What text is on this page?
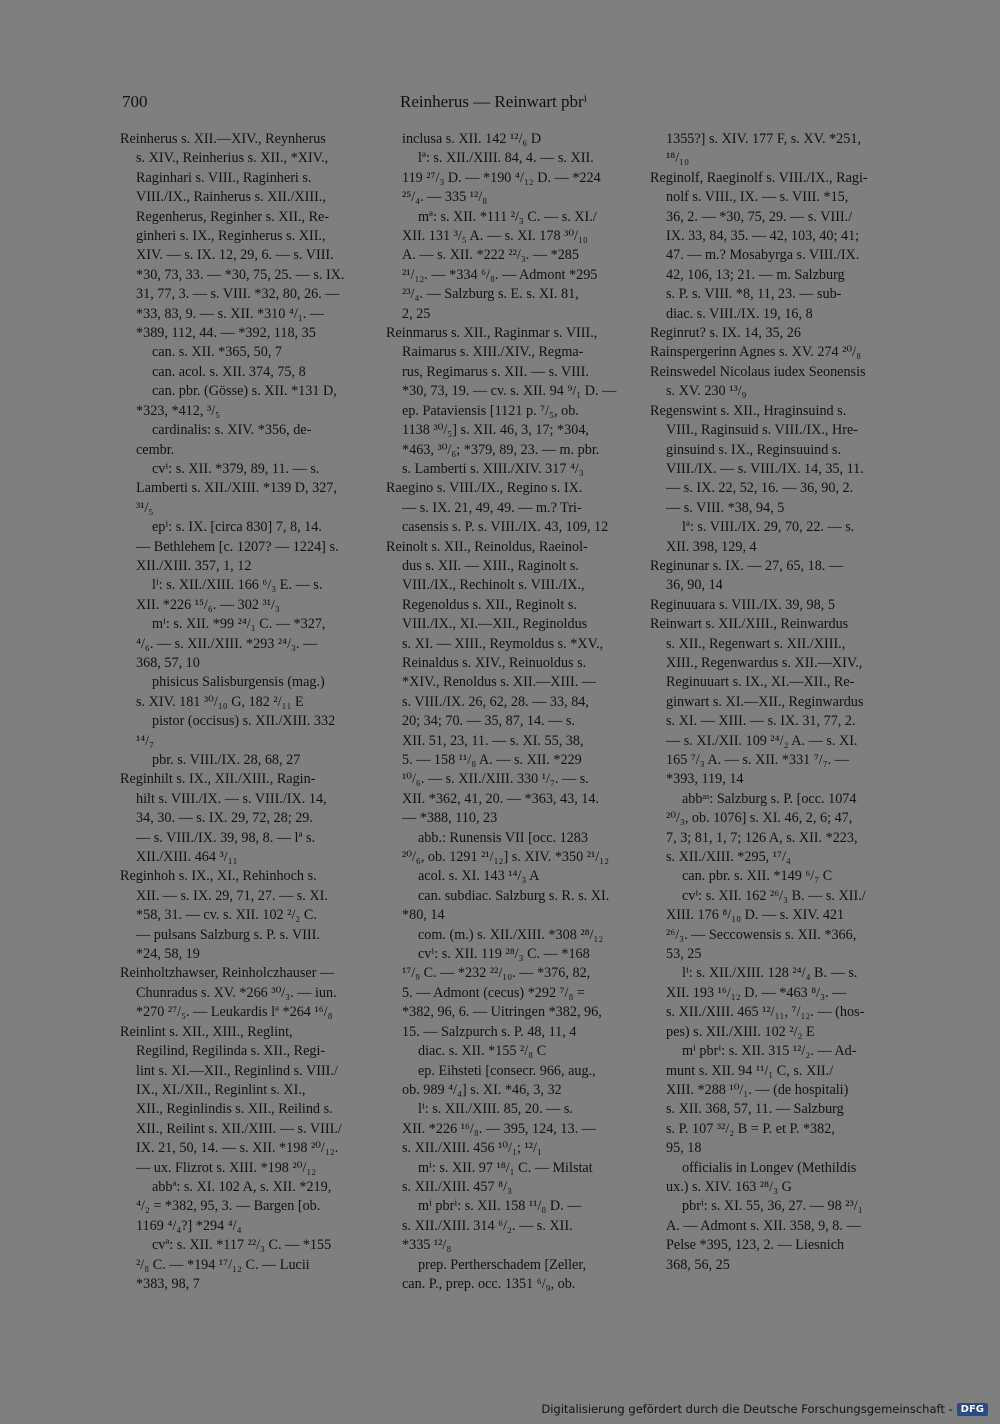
700	Reinherus — Reinwart pbrⁱ
Reinherus s. XII.—XIV., Reynherus
s. XIV., Reinherius s. XII., *XIV.,
Raginhari s. VIII., Raginheri s.
VIII./IX., Rainherus s. XII./XIII.,
Regenherus, Reginher s. XII., Re-
ginheri s. IX., Reginherus s. XII.,
XIV. — s. IX. 12, 29, 6. — s. VIII.
*30, 73, 33. — *30, 75, 25. — s. IX.
31, 77, 3. — s. VIII. *32, 80, 26. —
*33, 83, 9. — s. XII. *310 ⁴/₁. —
*389, 112, 44. — *392, 118, 35
can. s. XII. *365, 50, 7
can. acol. s. XII. 374, 75, 8
can. pbr. (Gösse) s. XII. *131 D,
*323, *412, ³/₅
cardinalis: s. XIV. *356, de-
cembr.
cvⁱ: s. XII. *379, 89, 11. — s.
Lamberti s. XII./XIII. *139 D, 327,
³¹/₅
epⁱ: s. IX. [circa 830] 7, 8, 14.
— Bethlehem [c. 1207? — 1224] s.
XII./XIII. 357, 1, 12
lⁱ: s. XII./XIII. 166 ⁶/₃ E. — s.
XII. *226 ¹⁵/₆. — 302 ³¹/₃
mⁱ: s. XII. *99 ²⁴/₁ C. — *327,
⁴/₆. — s. XII./XIII. *293 ²⁴/₃. —
368, 57, 10
phisicus Salisburgensis (mag.)
s. XIV. 181 ³⁰/₁₀ G, 182 ²/₁₁ E
pistor (occisus) s. XII./XIII. 332
¹⁴/₇
pbr. s. VIII./IX. 28, 68, 27
Reginhilt s. IX., XII./XIII., Ragin-
hilt s. VIII./IX. — s. VIII./IX. 14,
34, 30. — s. IX. 29, 72, 28; 29.
— s. VIII./IX. 39, 98, 8. — lª s.
XII./XIII. 464 ³/₁₁
Reginhoh s. IX., XI., Rehinhoch s.
XII. — s. IX. 29, 71, 27. — s. XI.
*58, 31. — cv. s. XII. 102 ²/₂ C.
— pulsans Salzburg s. P. s. VIII.
*24, 58, 19
Reinholtzhawser, Reinholczhauser —
Chunradus s. XV. *266 ³⁰/₃. — iun.
*270 ²⁷/₅. — Leukardis lª *264 ¹⁶/₈
Reinlint s. XII., XIII., Reglint,
Regilind, Regilinda s. XII., Regi-
lint s. XI.—XII., Reginlind s. VIII./
IX., XI./XII., Reginlint s. XI.,
XII., Reginlindis s. XII., Reilind s.
XII., Reilint s. XII./XIII. — s. VIII./
IX. 21, 50, 14. — s. XII. *198 ²⁰/₁₂.
— ux. Flizrot s. XIII. *198 ²⁰/₁₂
abbª: s. XI. 102 A, s. XII. *219,
⁴/₂ = *382, 95, 3. — Bargen [ob.
1169 ⁴/₄?] *294 ⁴/₄
cvª: s. XII. *117 ²²/₃ C. — *155
²/₈ C. — *194 ¹⁷/₁₂ C. — Lucii
*383, 98, 7
inclusa s. XII. 142 ¹²/₆ D
lª: s. XII./XIII. 84, 4. — s. XII.
119 ²⁷/₃ D. — *190 ⁴/₁₂ D. — *224
²⁵/₄. — 335 ¹²/₈
mª: s. XII. *111 ²/₃ C. — s. XI./
XII. 131 ³/₅ A. — s. XI. 178 ³⁰/₁₀
A. — s. XII. *222 ²²/₃. — *285
²¹/₁₂. — *334 ⁶/₈. — Admont *295
²³/₄. — Salzburg s. E. s. XI. 81,
2, 25
Reinmarus s. XII., Raginmar s. VIII.,
Raimarus s. XIII./XIV., Regma-
rus, Regimarus s. XII. — s. VIII.
*30, 73, 19. — cv. s. XII. 94 ⁹/₁ D. —
ep. Pataviensis [1121 p. ⁷/₅, ob.
1138 ³⁰/₅] s. XII. 46, 3, 17; *304,
*463, ³⁰/₆; *379, 89, 23. — m. pbr.
s. Lamberti s. XIII./XIV. 317 ⁴/₃
Raegino s. VIII./IX., Regino s. IX.
— s. IX. 21, 49, 49. — m.? Tri-
casensis s. P. s. VIII./IX. 43, 109, 12
Reinolt s. XII., Reinoldus, Raeinol-
dus s. XII. — XIII., Raginolt s.
VIII./IX., Rechinolt s. VIII./IX.,
Regenoldus s. XII., Reginolt s.
VIII./IX., XI.—XII., Reginoldus
s. XI. — XIII., Reymoldus s. *XV.,
Reinaldus s. XIV., Reinuoldus s.
*XIV., Renoldus s. XII.—XIII. —
s. VIII./IX. 26, 62, 28. — 33, 84,
20; 34; 70. — 35, 87, 14. — s.
XII. 51, 23, 11. — s. XI. 55, 38,
5. — 158 ¹¹/₈ A. — s. XII. *229
¹⁰/₆. — s. XII./XIII. 330 ¹/₇. — s.
XII. *362, 41, 20. — *363, 43, 14.
— *388, 110, 23
abb.: Runensis VII [occ. 1283
²⁰/₆, ob. 1291 ²¹/₁₂] s. XIV. *350 ²¹/₁₂
acol. s. XI. 143 ¹⁴/₃ A
can. subdiac. Salzburg s. R. s. XI.
*80, 14
com. (m.) s. XII./XIII. *308 ²⁸/₁₂
cvⁱ: s. XII. 119 ²⁸/₃ C. — *168
¹⁷/₉ C. — *232 ²²/₁₀. — *376, 82,
5. — Admont (cecus) *292 ⁷/₈ =
*382, 96, 6. — Uitringen *382, 96,
15. — Salzpurch s. P. 48, 11, 4
diac. s. XII. *155 ²/₈ C
ep. Eihsteti [consecr. 966, aug.,
ob. 989 ⁴/₄] s. XI. *46, 3, 32
lⁱ: s. XII./XIII. 85, 20. — s.
XII. *226 ¹⁶/₈. — 395, 124, 13. —
s. XII./XIII. 456 ¹⁰/₁; ¹²/₁
mⁱ: s. XII. 97 ¹⁸/₁ C. — Milstat
s. XII./XIII. 457 ⁸/₃
mⁱ pbrⁱ: s. XII. 158 ¹¹/₈ D. —
s. XII./XIII. 314 ⁶/₂. — s. XII.
*335 ¹²/₈
prep. Pertherschadem [Zeller,
can. P., prep. occ. 1351 ⁶/₉, ob.
1355?] s. XIV. 177 F, s. XV. *251,
¹⁸/₁₀
Reginolf, Raeginolf s. VIII./IX., Ragi-
nolf s. VIII., IX. — s. VIII. *15,
36, 2. — *30, 75, 29. — s. VIII./
IX. 33, 84, 35. — 42, 103, 40; 41;
47. — m.? Mosabyrga s. VIII./IX.
42, 106, 13; 21. — m. Salzburg
s. P. s. VIII. *8, 11, 23. — sub-
diac. s. VIII./IX. 19, 16, 8
Reginrut? s. IX. 14, 35, 26
Rainspergerinn Agnes s. XV. 274 ²⁰/₈
Reinswedel Nicolaus iudex Seonensis
s. XV. 230 ¹³/₉
Regenswint s. XII., Hraginsuind s.
VIII., Raginsuid s. VIII./IX., Hre-
ginsuind s. IX., Reginsuuind s.
VIII./IX. — s. VIII./IX. 14, 35, 11.
— s. IX. 22, 52, 16. — 36, 90, 2.
— s. VIII. *38, 94, 5
lª: s. VIII./IX. 29, 70, 22. — s.
XII. 398, 129, 4
Reginunar s. IX. — 27, 65, 18. —
36, 90, 14
Reginuuara s. VIII./IX. 39, 98, 5
Reinwart s. XII./XIII., Reinwardus
s. XII., Regenwart s. XII./XIII.,
XIII., Regenwardus s. XII.—XIV.,
Reginuuart s. IX., XI.—XII., Re-
ginwart s. XI.—XII., Reginwardus
s. XI. — XIII. — s. IX. 31, 77, 2.
— s. XI./XII. 109 ²⁴/₂ A. — s. XI.
165 ⁷/₃ A. — s. XII. *331 ⁷/₇. —
*393, 119, 14
abbᵃˢ: Salzburg s. P. [occ. 1074
²⁰/₃, ob. 1076] s. XI. 46, 2, 6; 47,
7, 3; 81, 1, 7; 126 A, s. XII. *223,
s. XII./XIII. *295, ¹⁷/₄
can. pbr. s. XII. *149 ⁶/₇ C
cvⁱ: s. XII. 162 ²⁶/₃ B. — s. XII./
XIII. 176 ⁸/₁₀ D. — s. XIV. 421
²⁶/₃. — Seccowensis s. XII. *366,
53, 25
lⁱ: s. XII./XIII. 128 ²⁴/₄ B. — s.
XII. 193 ¹⁶/₁₂ D. — *463 ⁸/₃. —
s. XII./XIII. 465 ¹²/₁₁, ⁷/₁₂. — (hos-
pes) s. XII./XIII. 102 ²/₂ E
mⁱ pbrⁱ: s. XII. 315 ¹²/₂. — Ad-
munt s. XII. 94 ¹¹/₁ C, s. XII./
XIII. *288 ¹⁰/₁. — (de hospitali)
s. XII. 368, 57, 11. — Salzburg
s. P. 107 ³²/₂ B = P. et P. *382,
95, 18
officialis in Longev (Methildis
ux.) s. XIV. 163 ²⁸/₃ G
pbrⁱ: s. XI. 55, 36, 27. — 98 ²³/₁
A. — Admont s. XII. 358, 9, 8. —
Pelse *395, 123, 2. — Liesnich
368, 56, 25
Digitalisierung gefördert durch die Deutsche Forschungsgemeinschaft - DFG
